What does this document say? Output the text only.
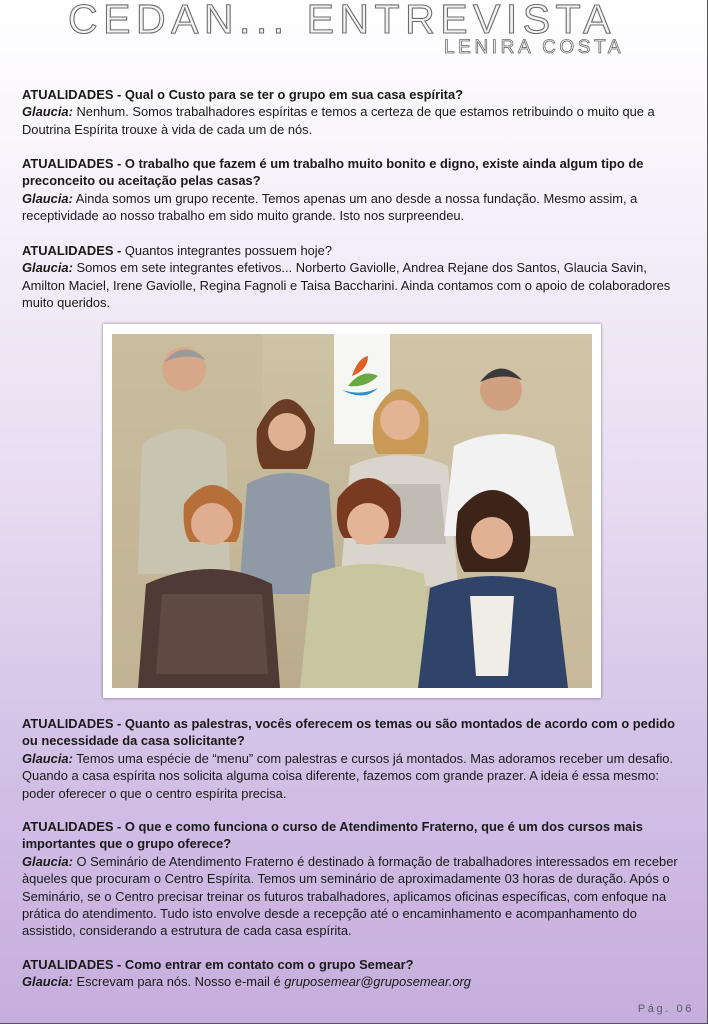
CEDAN... ENTREVISTA
LENIRA COSTA

ATUALIDADES - Qual o Custo para se ter o grupo em sua casa espírita?

Glaucia: Nenhum. Somos trabalhadores espíritas e temos a certeza de que estamos retribuindo o muito que a Doutrina Espírita trouxe à vida de cada um de nós.

ATUALIDADES - O trabalho que fazem é um trabalho muito bonito e digno, existe ainda algum tipo de preconceito ou aceitação pelas casas?

Glaucia: Ainda somos um grupo recente. Temos apenas um ano desde a nossa fundação. Mesmo assim, a receptividade ao nosso trabalho em sido muito grande. Isto nos surpreendeu.

ATUALIDADES - Quantos integrantes possuem hoje?

Glaucia: Somos em sete integrantes efetivos... Norberto Gaviolle, Andrea Rejane dos Santos, Glaucia Savin, Amilton Maciel, Irene Gaviolle, Regina Fagnoli e Taisa Baccharini. Ainda contamos com o apoio de colaboradores muito queridos.

ATUALIDADES - Quanto as palestras, vocês oferecem os temas ou são montados de acordo com o pedido ou necessidade da casa solicitante?

Glaucia: Temos uma espécie de “menu” com palestras e cursos já montados. Mas adoramos receber um desafio. Quando a casa espírita nos solicita alguma coisa diferente, fazemos com grande prazer. A ideia é essa mesmo: poder oferecer o que o centro espírita precisa.

ATUALIDADES - O que e como funciona o curso de Atendimento Fraterno, que é um dos cursos mais importantes que o grupo oferece?

Glaucia: O Seminário de Atendimento Fraterno é destinado à formação de trabalhadores interessados em receber àqueles que procuram o Centro Espírita. Temos um seminário de aproximadamente 03 horas de duração. Após o Seminário, se o Centro precisar treinar os futuros trabalhadores, aplicamos oficinas específicas, com enfoque na prática do atendimento. Tudo isto envolve desde a recepção até o encaminhamento e acompanhamento do assistido, considerando a estrutura de cada casa espírita.

ATUALIDADES - Como entrar em contato com o grupo Semear?

Glaucia: Escrevam para nós. Nosso e-mail é gruposemear@gruposemear.org

Pág. 06
